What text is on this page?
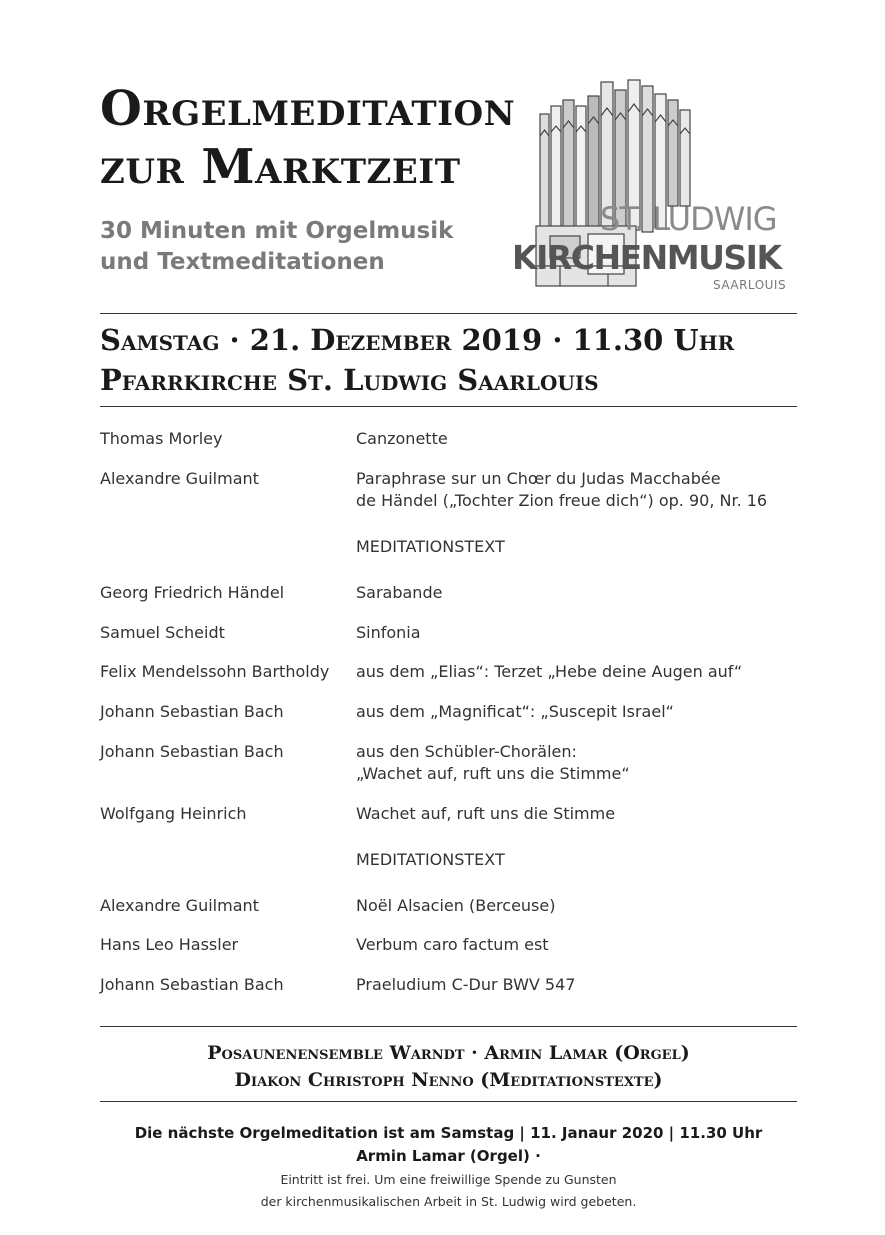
Orgelmeditation
zur Marktzeit
30 Minuten mit Orgelmusik
und Textmeditationen
ST. LUDWIG
KIRCHENMUSIK
SAARLOUIS
Samstag · 21. Dezember 2019 · 11.30 Uhr
Pfarrkirche St. Ludwig Saarlouis
Thomas Morley	Canzonette
Alexandre Guilmant	Paraphrase sur un Chœr du Judas Macchabée
de Händel („Tochter Zion freue dich“) op. 90, Nr. 16
MEDITATIONSTEXT
Georg Friedrich Händel	Sarabande
Samuel Scheidt	Sinfonia
Felix Mendelssohn Bartholdy	aus dem „Elias“: Terzet „Hebe deine Augen auf“
Johann Sebastian Bach	aus dem „Magnificat“: „Suscepit Israel“
Johann Sebastian Bach	aus den Schübler-Chorälen:
„Wachet auf, ruft uns die Stimme“
Wolfgang Heinrich	Wachet auf, ruft uns die Stimme
MEDITATIONSTEXT
Alexandre Guilmant	Noël Alsacien (Berceuse)
Hans Leo Hassler	Verbum caro factum est
Johann Sebastian Bach	Praeludium C-Dur BWV 547
Posaunenensemble Warndt · Armin Lamar (Orgel)
Diakon Christoph Nenno (Meditationstexte)
Die nächste Orgelmeditation ist am Samstag | 11. Janaur 2020 | 11.30 Uhr
Armin Lamar (Orgel) ·
Eintritt ist frei. Um eine freiwillige Spende zu Gunsten
der kirchenmusikalischen Arbeit in St. Ludwig wird gebeten.
